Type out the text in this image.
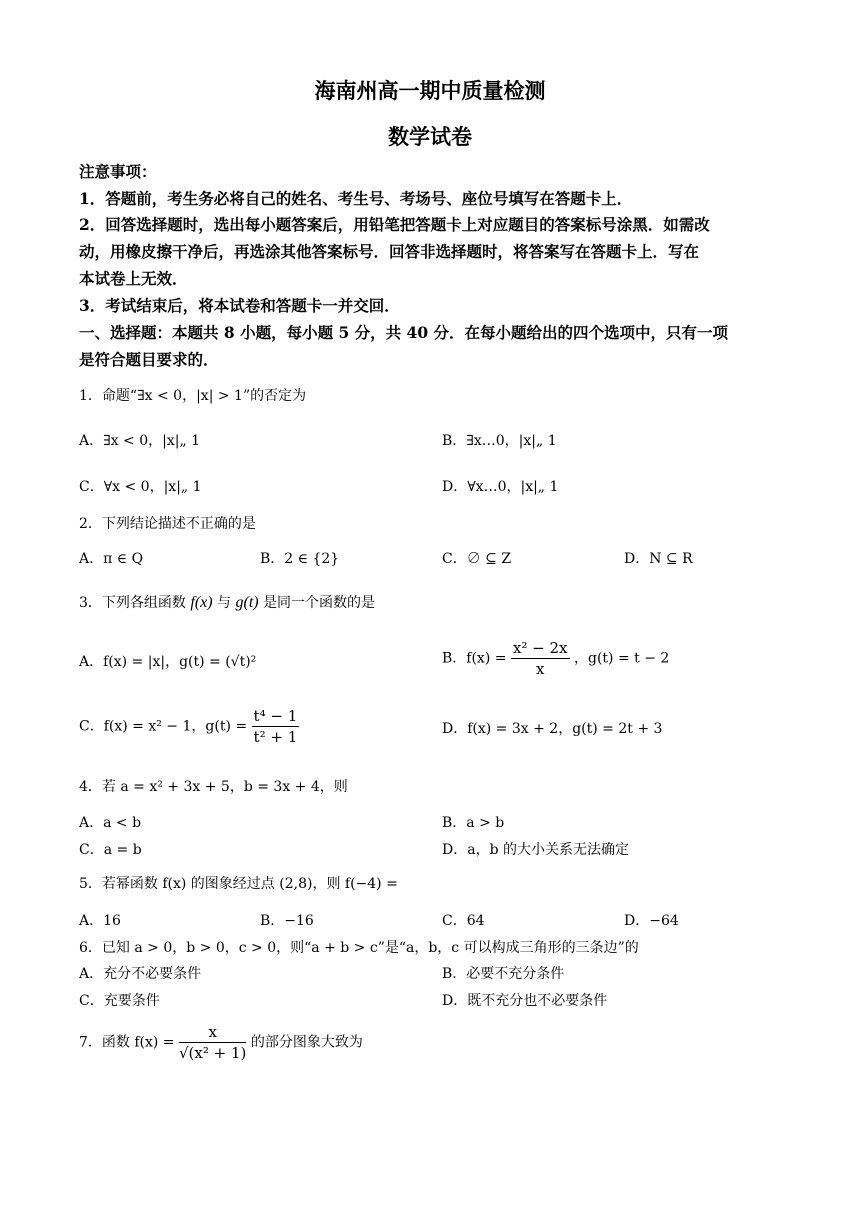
海南州高一期中质量检测
数学试卷
注意事项：
1．答题前，考生务必将自己的姓名、考生号、考场号、座位号填写在答题卡上．
2．回答选择题时，选出每小题答案后，用铅笔把答题卡上对应题目的答案标号涂黑．如需改
动，用橡皮擦干净后，再选涂其他答案标号．回答非选择题时，将答案写在答题卡上．写在
本试卷上无效．
3．考试结束后，将本试卷和答题卡一并交回．
一、选择题：本题共 8 小题，每小题 5 分，共 40 分．在每小题给出的四个选项中，只有一项
是符合题目要求的．
1．命题“∃x < 0，|x| > 1”的否定为
A．∃x < 0，|x|„ 1	B．∃x…0，|x|„ 1
C．∀x < 0，|x|„ 1	D．∀x…0，|x|„ 1
2．下列结论描述不正确的是
A．π ∈ Q	B．2 ∈ {2}	C．∅ ⊆ Z	D．N ⊆ R
3．下列各组函数 f(x) 与 g(t) 是同一个函数的是
A．f(x) = |x|，g(t) = (√t)²	B．$f(x) = \frac{\text{x² − 2x}}{x}$ ，g(t) = t − 2
C．f(x) = x² − 1，$g(t) = \frac{\text{t⁴ − 1}}{\text{t² + 1}}$	D．f(x) = 3x + 2，g(t) = 2t + 3
4．若 a = x² + 3x + 5，b = 3x + 4，则
A．a < b	B．a > b
C．a = b	D．a，b 的大小关系无法确定
5．若幂函数 f(x) 的图象经过点 (2,8)，则 f(−4) =
A．16	B．−16	C．64	D．−64
6．已知 a > 0，b > 0，c > 0，则“a + b > c”是“a，b，c 可以构成三角形的三条边”的
A．充分不必要条件	B．必要不充分条件
C．充要条件	D．既不充分也不必要条件
7．函数 $f(x) = \frac{x}{\text{√(x² + 1)}}$ 的部分图象大致为
